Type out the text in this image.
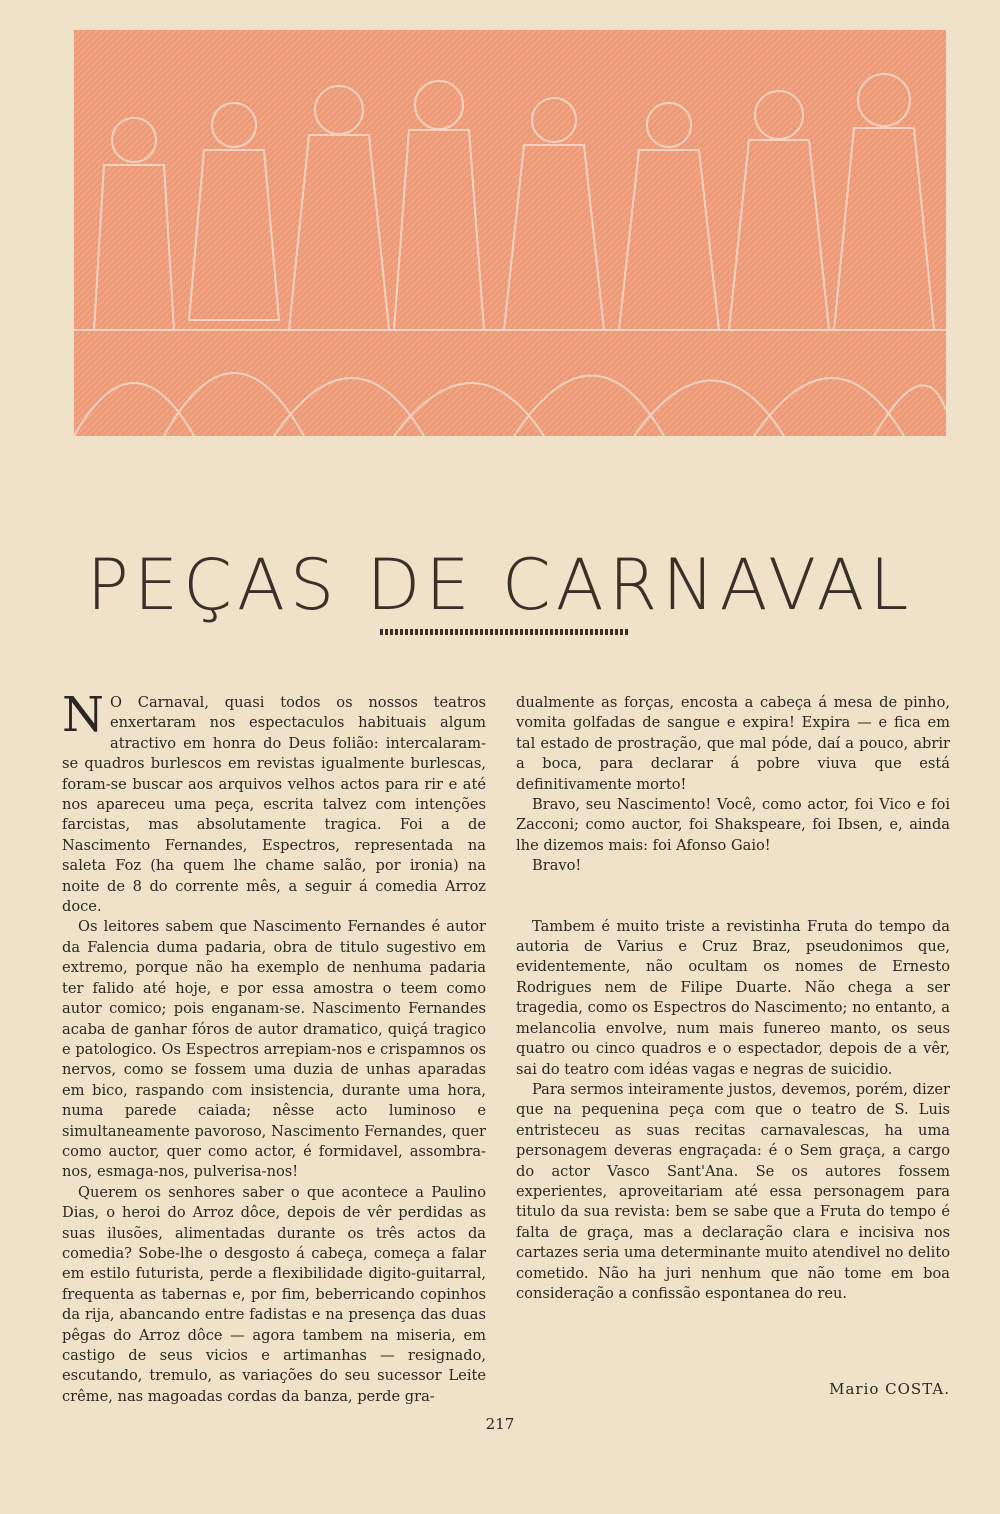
PEÇAS DE CARNAVAL

N O Carnaval, quasi todos os nossos teatros enxertaram nos espectaculos habituais algum atractivo em honra do Deus folião: intercalaram-se quadros burlescos em revistas igualmente burlescas, foram-se buscar aos arquivos velhos actos para rir e até nos apareceu uma peça, escrita talvez com intenções farcistas, mas absolutamente tragica. Foi a de Nascimento Fernandes, Espectros, representada na saleta Foz (ha quem lhe chame salão, por ironia) na noite de 8 do corrente mês, a seguir á comedia Arroz doce.

Os leitores sabem que Nascimento Fernandes é autor da Falencia duma padaria, obra de titulo sugestivo em extremo, porque não ha exemplo de nenhuma padaria ter falido até hoje, e por essa amostra o teem como autor comico; pois enganam-se. Nascimento Fernandes acaba de ganhar fóros de autor dramatico, quiçá tragico e patologico. Os Espectros arrepiam-nos e crispamnos os nervos, como se fossem uma duzia de unhas aparadas em bico, raspando com insistencia, durante uma hora, numa parede caiada; nêsse acto luminoso e simultaneamente pavoroso, Nascimento Fernandes, quer como auctor, quer como actor, é formidavel, assombra-nos, esmaga-nos, pulverisa-nos!

Querem os senhores saber o que acontece a Paulino Dias, o heroi do Arroz dôce, depois de vêr perdidas as suas ilusões, alimentadas durante os três actos da comedia? Sobe-lhe o desgosto á cabeça, começa a falar em estilo futurista, perde a flexibilidade digito-guitarral, frequenta as tabernas e, por fim, beberricando copinhos da rija, abancando entre fadistas e na presença das duas pêgas do Arroz dôce — agora tambem na miseria, em castigo de seus vicios e artimanhas — resignado, escutando, tremulo, as variações do seu sucessor Leite crême, nas magoadas cordas da banza, perde gra-

dualmente as forças, encosta a cabeça á mesa de pinho, vomita golfadas de sangue e expira! Expira — e fica em tal estado de prostração, que mal póde, daí a pouco, abrir a boca, para declarar á pobre viuva que está definitivamente morto!

Bravo, seu Nascimento! Você, como actor, foi Vico e foi Zacconi; como auctor, foi Shakspeare, foi Ibsen, e, ainda lhe dizemos mais: foi Afonso Gaio!

Bravo!

Tambem é muito triste a revistinha Fruta do tempo da autoria de Varius e Cruz Braz, pseudonimos que, evidentemente, não ocultam os nomes de Ernesto Rodrigues nem de Filipe Duarte. Não chega a ser tragedia, como os Espectros do Nascimento; no entanto, a melancolia envolve, num mais funereo manto, os seus quatro ou cinco quadros e o espectador, depois de a vêr, sai do teatro com idéas vagas e negras de suicidio.

Para sermos inteiramente justos, devemos, porém, dizer que na pequenina peça com que o teatro de S. Luis entristeceu as suas recitas carnavalescas, ha uma personagem deveras engraçada: é o Sem graça, a cargo do actor Vasco Sant'Ana. Se os autores fossem experientes, aproveitariam até essa personagem para titulo da sua revista: bem se sabe que a Fruta do tempo é falta de graça, mas a declaração clara e incisiva nos cartazes seria uma determinante muito atendivel no delito cometido. Não ha juri nenhum que não tome em boa consideração a confissão espontanea do reu.

Mario COSTA.
217
